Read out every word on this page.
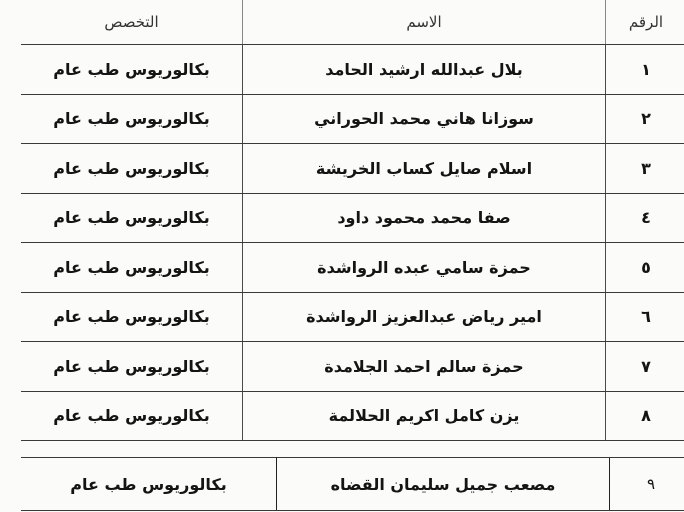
الرقم	الاسم	التخصص
١	بلال عبدالله ارشيد الحامد	بكالوريوس طب عام
٢	سوزانا هاني محمد الحوراني	بكالوريوس طب عام
٣	اسلام صايل كساب الخريشة	بكالوريوس طب عام
٤	صفا محمد محمود داود	بكالوريوس طب عام
٥	حمزة سامي عبده الرواشدة	بكالوريوس طب عام
٦	امير رياض عبدالعزيز الرواشدة	بكالوريوس طب عام
٧	حمزة سالم احمد الجلامدة	بكالوريوس طب عام
٨	يزن كامل اكريم الحلالمة	بكالوريوس طب عام
٩	مصعب جميل سليمان القضاه	بكالوريوس طب عام
